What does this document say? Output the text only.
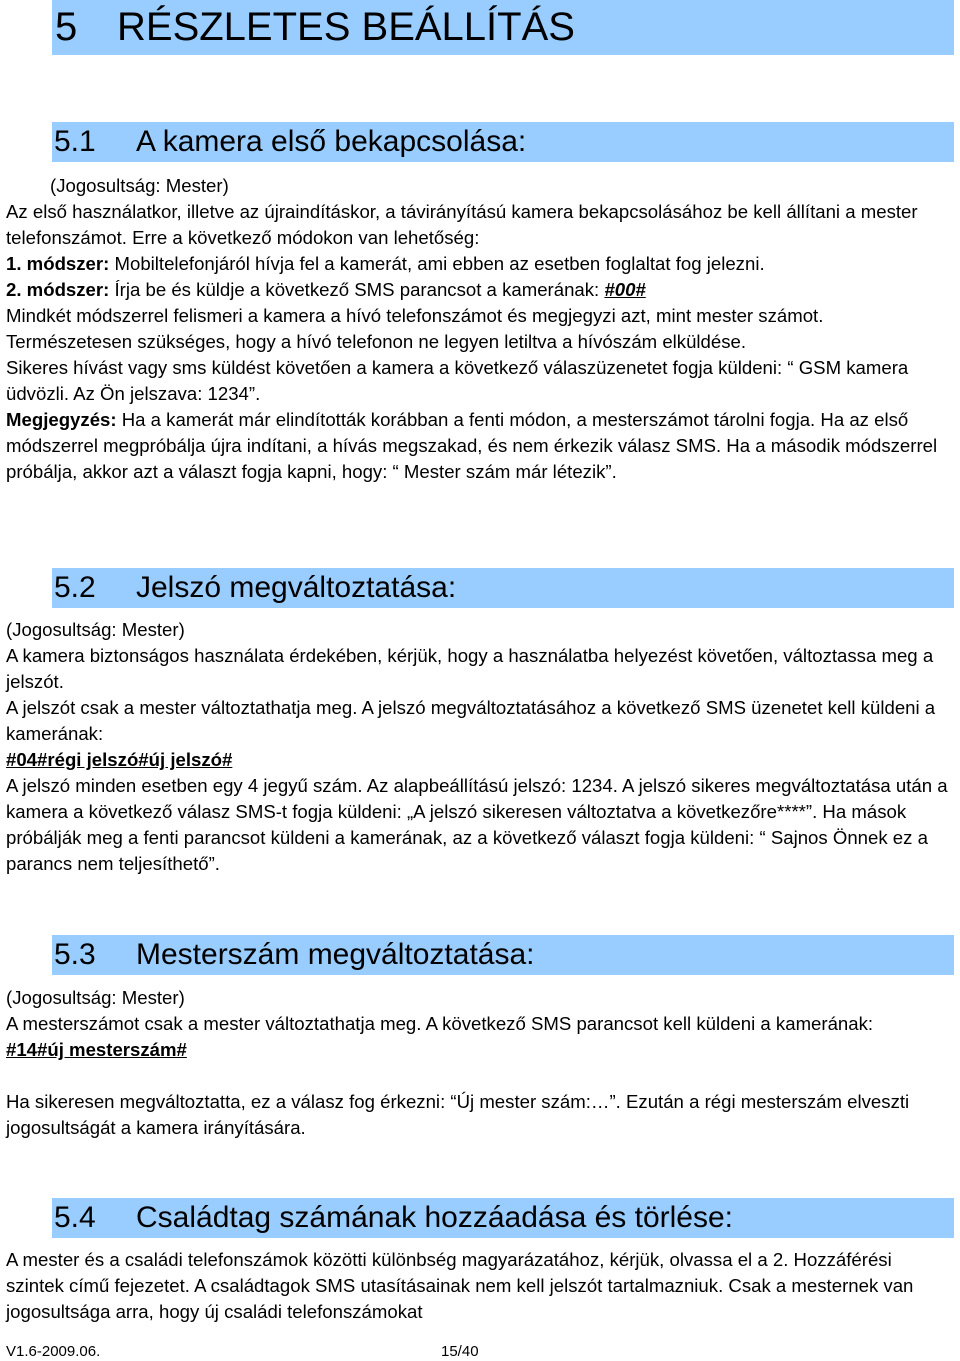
5 RÉSZLETES BEÁLLÍTÁS
5.1 A kamera első bekapcsolása:

(Jogosultság: Mester)

Az első használatkor, illetve az újraindításkor, a távirányítású kamera bekapcsolásához be kell állítani a mester telefonszámot. Erre a következő módokon van lehetőség:

1. módszer: Mobiltelefonjáról hívja fel a kamerát, ami ebben az esetben foglaltat fog jelezni.

2. módszer: Írja be és küldje a következő SMS parancsot a kamerának: #00#

Mindkét módszerrel felismeri a kamera a hívó telefonszámot és megjegyzi azt, mint mester számot. Természetesen szükséges, hogy a hívó telefonon ne legyen letiltva a hívószám elküldése.

Sikeres hívást vagy sms küldést követően a kamera a következő válaszüzenetet fogja küldeni: “ GSM kamera üdvözli. Az Ön jelszava: 1234”.

Megjegyzés: Ha a kamerát már elindították korábban a fenti módon, a mesterszámot tárolni fogja. Ha az első módszerrel megpróbálja újra indítani, a hívás megszakad, és nem érkezik válasz SMS. Ha a második módszerrel próbálja, akkor azt a választ fogja kapni, hogy: “ Mester szám már létezik”.

5.2 Jelszó megváltoztatása:

(Jogosultság: Mester)

A kamera biztonságos használata érdekében, kérjük, hogy a használatba helyezést követően, változtassa meg a jelszót.

A jelszót csak a mester változtathatja meg. A jelszó megváltoztatásához a következő SMS üzenetet kell küldeni a kamerának:

#04#régi jelszó#új jelszó#

A jelszó minden esetben egy 4 jegyű szám. Az alapbeállítású jelszó: 1234. A jelszó sikeres megváltoztatása után a kamera a következő válasz SMS-t fogja küldeni: „A jelszó sikeresen változtatva a következőre****”. Ha mások próbálják meg a fenti parancsot küldeni a kamerának, az a következő választ fogja küldeni: “ Sajnos Önnek ez a parancs nem teljesíthető”.

5.3 Mesterszám megváltoztatása:

(Jogosultság: Mester)

A mesterszámot csak a mester változtathatja meg. A következő SMS parancsot kell küldeni a kamerának:

#14#új mesterszám#

Ha sikeresen megváltoztatta, ez a válasz fog érkezni: “Új mester szám:…”. Ezután a régi mesterszám elveszti jogosultságát a kamera irányítására.

5.4 Családtag számának hozzáadása és törlése:

A mester és a családi telefonszámok közötti különbség magyarázatához, kérjük, olvassa el a 2. Hozzáférési szintek című fejezetet. A családtagok SMS utasításainak nem kell jelszót tartalmazniuk. Csak a mesternek van jogosultsága arra, hogy új családi telefonszámokat

V1.6-2009.06.	15/40
